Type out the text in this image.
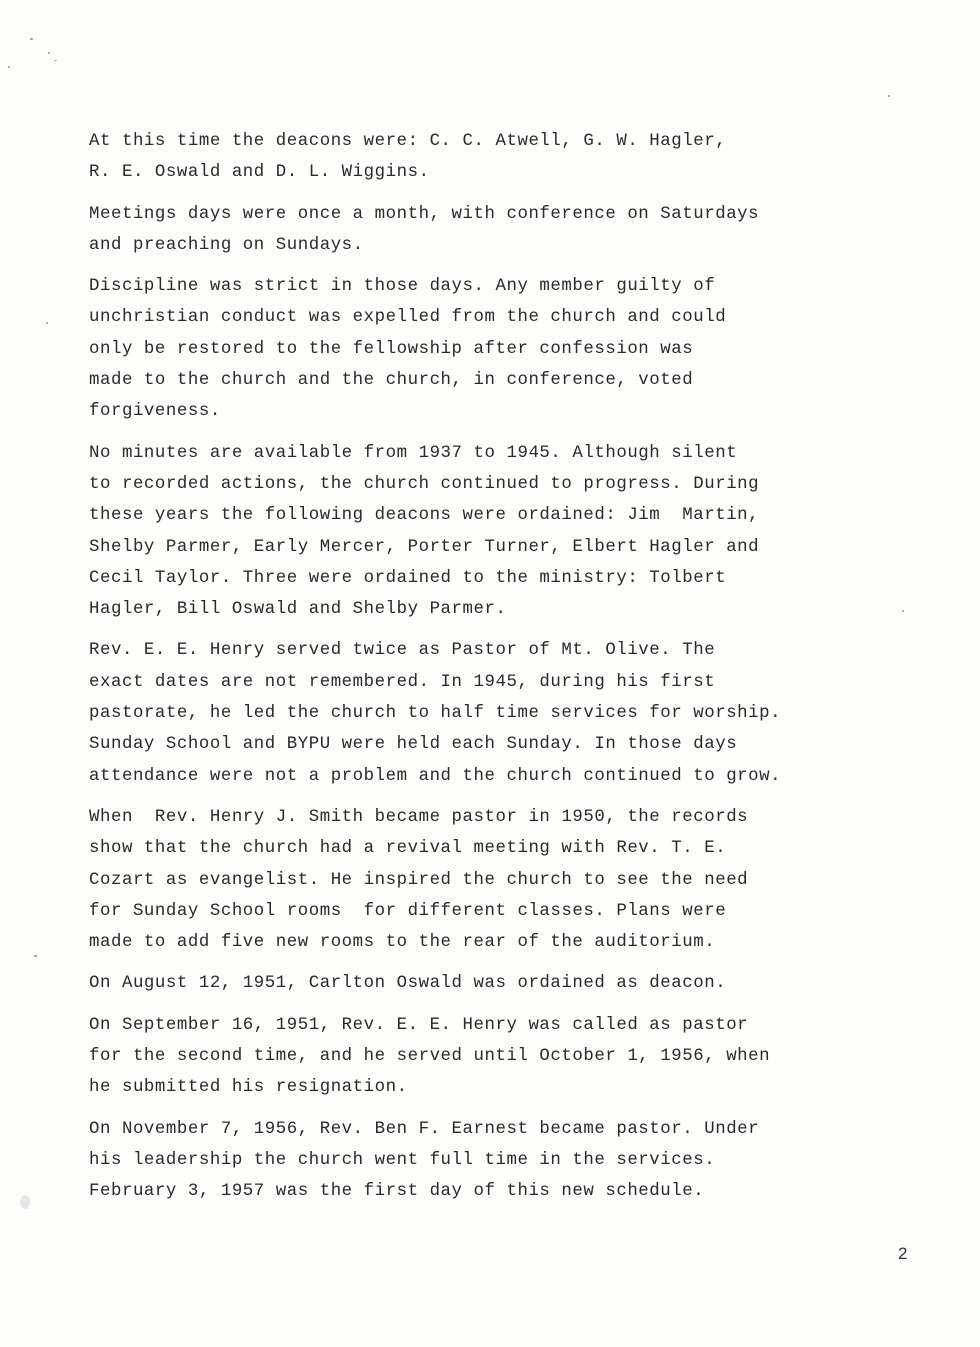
At this time the deacons were: C. C. Atwell, G. W. Hagler,
R. E. Oswald and D. L. Wiggins.
Meetings days were once a month, with conference on Saturdays
and preaching on Sundays.
Discipline was strict in those days. Any member guilty of
unchristian conduct was expelled from the church and could
only be restored to the fellowship after confession was
made to the church and the church, in conference, voted
forgiveness.
No minutes are available from 1937 to 1945. Although silent
to recorded actions, the church continued to progress. During
these years the following deacons were ordained: Jim  Martin,
Shelby Parmer, Early Mercer, Porter Turner, Elbert Hagler and
Cecil Taylor. Three were ordained to the ministry: Tolbert
Hagler, Bill Oswald and Shelby Parmer.
Rev. E. E. Henry served twice as Pastor of Mt. Olive. The
exact dates are not remembered. In 1945, during his first
pastorate, he led the church to half time services for worship.
Sunday School and BYPU were held each Sunday. In those days
attendance were not a problem and the church continued to grow.
When  Rev. Henry J. Smith became pastor in 1950, the records
show that the church had a revival meeting with Rev. T. E.
Cozart as evangelist. He inspired the church to see the need
for Sunday School rooms  for different classes. Plans were
made to add five new rooms to the rear of the auditorium.
On August 12, 1951, Carlton Oswald was ordained as deacon.
On September 16, 1951, Rev. E. E. Henry was called as pastor
for the second time, and he served until October 1, 1956, when
he submitted his resignation.
On November 7, 1956, Rev. Ben F. Earnest became pastor. Under
his leadership the church went full time in the services.
February 3, 1957 was the first day of this new schedule.
2
